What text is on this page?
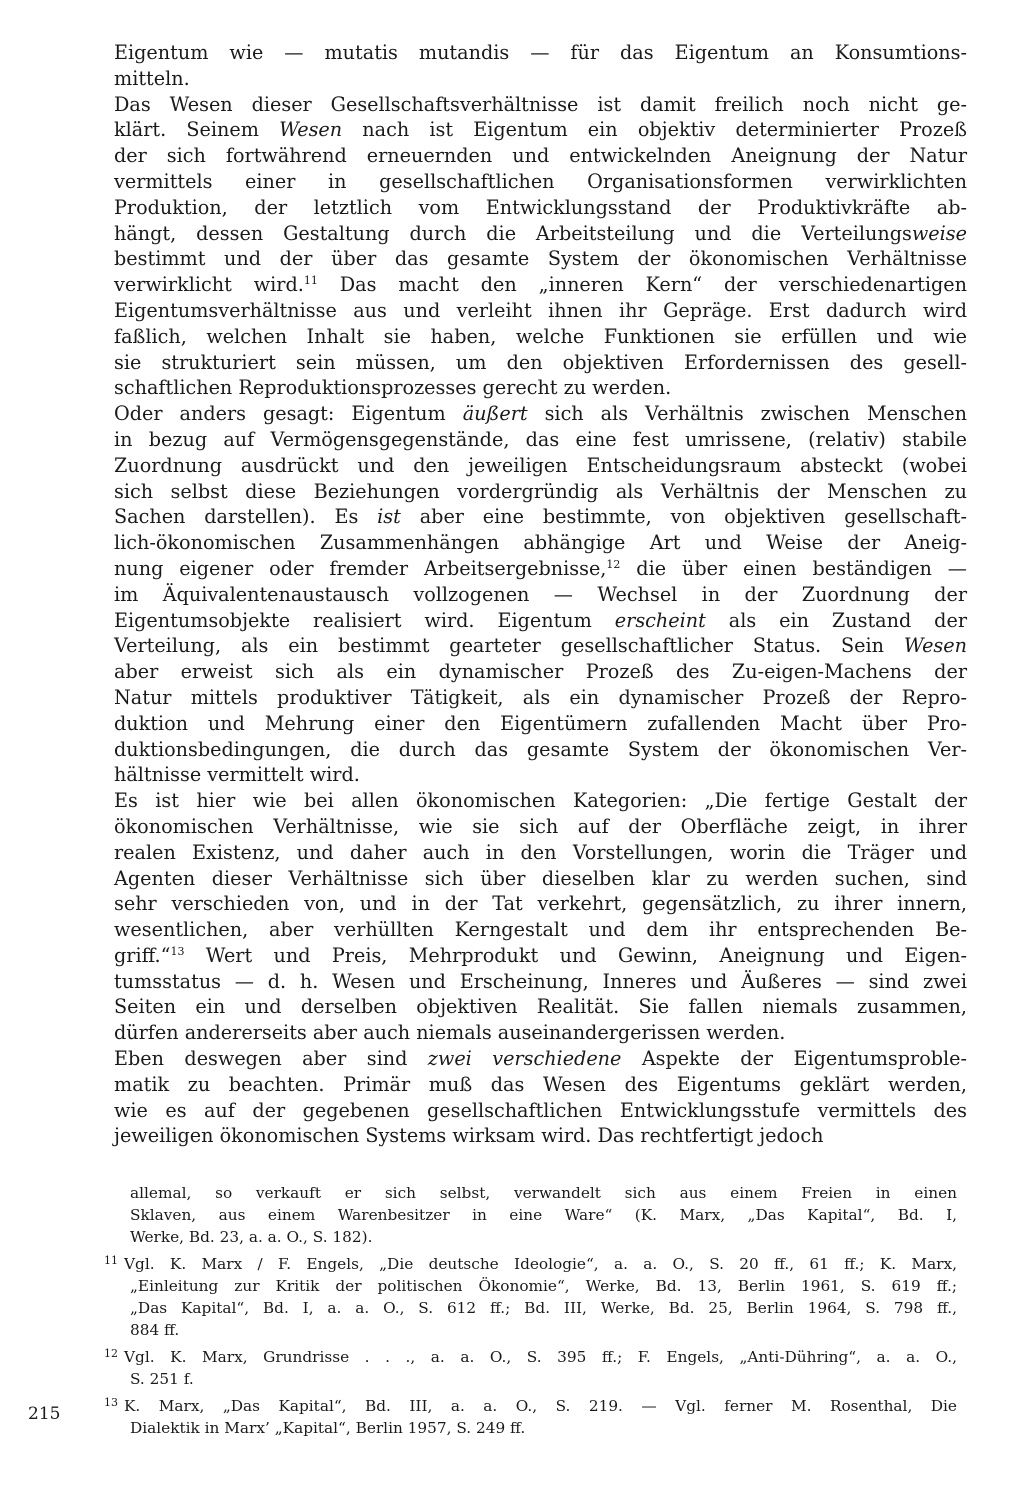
Eigentum wie — mutatis mutandis — für das Eigentum an Konsumtions-
mitteln.

Das Wesen dieser Gesellschaftsverhältnisse ist damit freilich noch nicht ge-
klärt. Seinem Wesen nach ist Eigentum ein objektiv determinierter Prozeß
der sich fortwährend erneuernden und entwickelnden Aneignung der Natur
vermittels einer in gesellschaftlichen Organisationsformen verwirklichten
Produktion, der letztlich vom Entwicklungsstand der Produktivkräfte ab-
hängt, dessen Gestaltung durch die Arbeitsteilung und die Verteilungsweise
bestimmt und der über das gesamte System der ökonomischen Verhältnisse
verwirklicht wird.$^{11}$ Das macht den „inneren Kern“ der verschiedenartigen
Eigentumsverhältnisse aus und verleiht ihnen ihr Gepräge. Erst dadurch wird
faßlich, welchen Inhalt sie haben, welche Funktionen sie erfüllen und wie
sie strukturiert sein müssen, um den objektiven Erfordernissen des gesell-
schaftlichen Reproduktionsprozesses gerecht zu werden.

Oder anders gesagt: Eigentum äußert sich als Verhältnis zwischen Menschen
in bezug auf Vermögensgegenstände, das eine fest umrissene, (relativ) stabile
Zuordnung ausdrückt und den jeweiligen Entscheidungsraum absteckt (wobei
sich selbst diese Beziehungen vordergründig als Verhältnis der Menschen zu
Sachen darstellen). Es ist aber eine bestimmte, von objektiven gesellschaft-
lich-ökonomischen Zusammenhängen abhängige Art und Weise der Aneig-
nung eigener oder fremder Arbeitsergebnisse,$^{12}$ die über einen beständigen —
im Äquivalentenaustausch vollzogenen — Wechsel in der Zuordnung der
Eigentumsobjekte realisiert wird. Eigentum erscheint als ein Zustand der
Verteilung, als ein bestimmt gearteter gesellschaftlicher Status. Sein Wesen
aber erweist sich als ein dynamischer Prozeß des Zu-eigen-Machens der
Natur mittels produktiver Tätigkeit, als ein dynamischer Prozeß der Repro-
duktion und Mehrung einer den Eigentümern zufallenden Macht über Pro-
duktionsbedingungen, die durch das gesamte System der ökonomischen Ver-
hältnisse vermittelt wird.

Es ist hier wie bei allen ökonomischen Kategorien: „Die fertige Gestalt der
ökonomischen Verhältnisse, wie sie sich auf der Oberfläche zeigt, in ihrer
realen Existenz, und daher auch in den Vorstellungen, worin die Träger und
Agenten dieser Verhältnisse sich über dieselben klar zu werden suchen, sind
sehr verschieden von, und in der Tat verkehrt, gegensätzlich, zu ihrer innern,
wesentlichen, aber verhüllten Kerngestalt und dem ihr entsprechenden Be-
griff.“$^{13}$ Wert und Preis, Mehrprodukt und Gewinn, Aneignung und Eigen-
tumsstatus — d. h. Wesen und Erscheinung, Inneres und Äußeres — sind zwei
Seiten ein und derselben objektiven Realität. Sie fallen niemals zusammen,
dürfen andererseits aber auch niemals auseinandergerissen werden.

Eben deswegen aber sind zwei verschiedene Aspekte der Eigentumsproble-
matik zu beachten. Primär muß das Wesen des Eigentums geklärt werden,
wie es auf der gegebenen gesellschaftlichen Entwicklungsstufe vermittels des
jeweiligen ökonomischen Systems wirksam wird. Das rechtfertigt jedoch

allemal, so verkauft er sich selbst, verwandelt sich aus einem Freien in einen
Sklaven, aus einem Warenbesitzer in eine Ware“ (K. Marx, „Das Kapital“, Bd. I,
Werke, Bd. 23, a. a. O., S. 182).
$^{11}$ Vgl. K. Marx / F. Engels, „Die deutsche Ideologie“, a. a. O., S. 20 ff., 61 ff.; K. Marx,
„Einleitung zur Kritik der politischen Ökonomie“, Werke, Bd. 13, Berlin 1961, S. 619 ff.;
„Das Kapital“, Bd. I, a. a. O., S. 612 ff.; Bd. III, Werke, Bd. 25, Berlin 1964, S. 798 ff.,
884 ff.
$^{12}$ Vgl. K. Marx, Grundrisse . . ., a. a. O., S. 395 ff.; F. Engels, „Anti-Dühring“, a. a. O.,
S. 251 f.
$^{13}$ K. Marx, „Das Kapital“, Bd. III, a. a. O., S. 219. — Vgl. ferner M. Rosenthal, Die
Dialektik in Marx’ „Kapital“, Berlin 1957, S. 249 ff.
215
